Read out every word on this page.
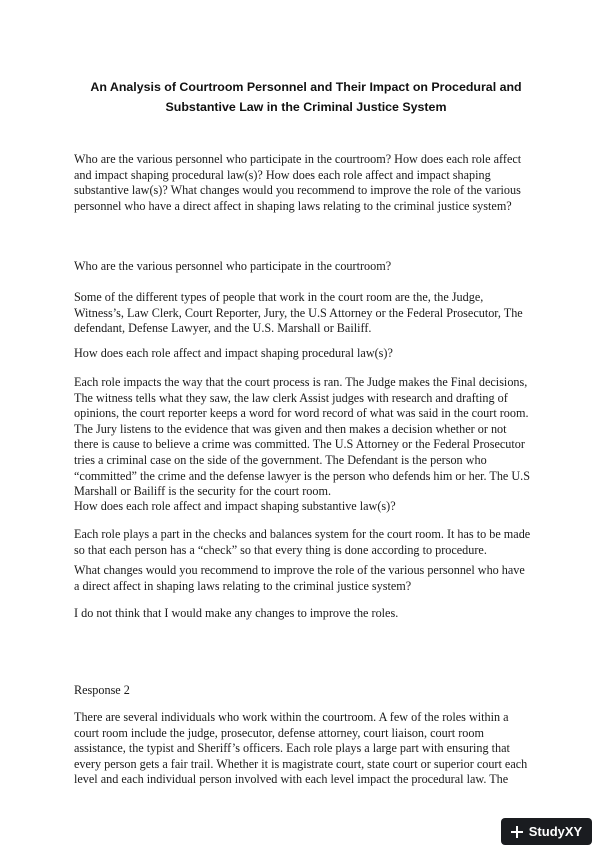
An Analysis of Courtroom Personnel and Their Impact on Procedural and
Substantive Law in the Criminal Justice System

Who are the various personnel who participate in the courtroom? How does each role affect
and impact shaping procedural law(s)? How does each role affect and impact shaping
substantive law(s)? What changes would you recommend to improve the role of the various
personnel who have a direct affect in shaping laws relating to the criminal justice system?

Who are the various personnel who participate in the courtroom?

Some of the different types of people that work in the court room are the, the Judge,
Witness’s, Law Clerk, Court Reporter, Jury, the U.S Attorney or the Federal Prosecutor, The
defendant, Defense Lawyer, and the U.S. Marshall or Bailiff.

How does each role affect and impact shaping procedural law(s)?

Each role impacts the way that the court process is ran. The Judge makes the Final decisions,
The witness tells what they saw, the law clerk Assist judges with research and drafting of
opinions, the court reporter keeps a word for word record of what was said in the court room.
The Jury listens to the evidence that was given and then makes a decision whether or not
there is cause to believe a crime was committed. The U.S Attorney or the Federal Prosecutor
tries a criminal case on the side of the government. The Defendant is the person who
“committed” the crime and the defense lawyer is the person who defends him or her. The U.S
Marshall or Bailiff is the security for the court room.

How does each role affect and impact shaping substantive law(s)?

Each role plays a part in the checks and balances system for the court room. It has to be made
so that each person has a “check” so that every thing is done according to procedure.

What changes would you recommend to improve the role of the various personnel who have
a direct affect in shaping laws relating to the criminal justice system?

I do not think that I would make any changes to improve the roles.

Response 2

There are several individuals who work within the courtroom. A few of the roles within a
court room include the judge, prosecutor, defense attorney, court liaison, court room
assistance, the typist and Sheriff’s officers. Each role plays a large part with ensuring that
every person gets a fair trail. Whether it is magistrate court, state court or superior court each
level and each individual person involved with each level impact the procedural law. The

StudyXY
